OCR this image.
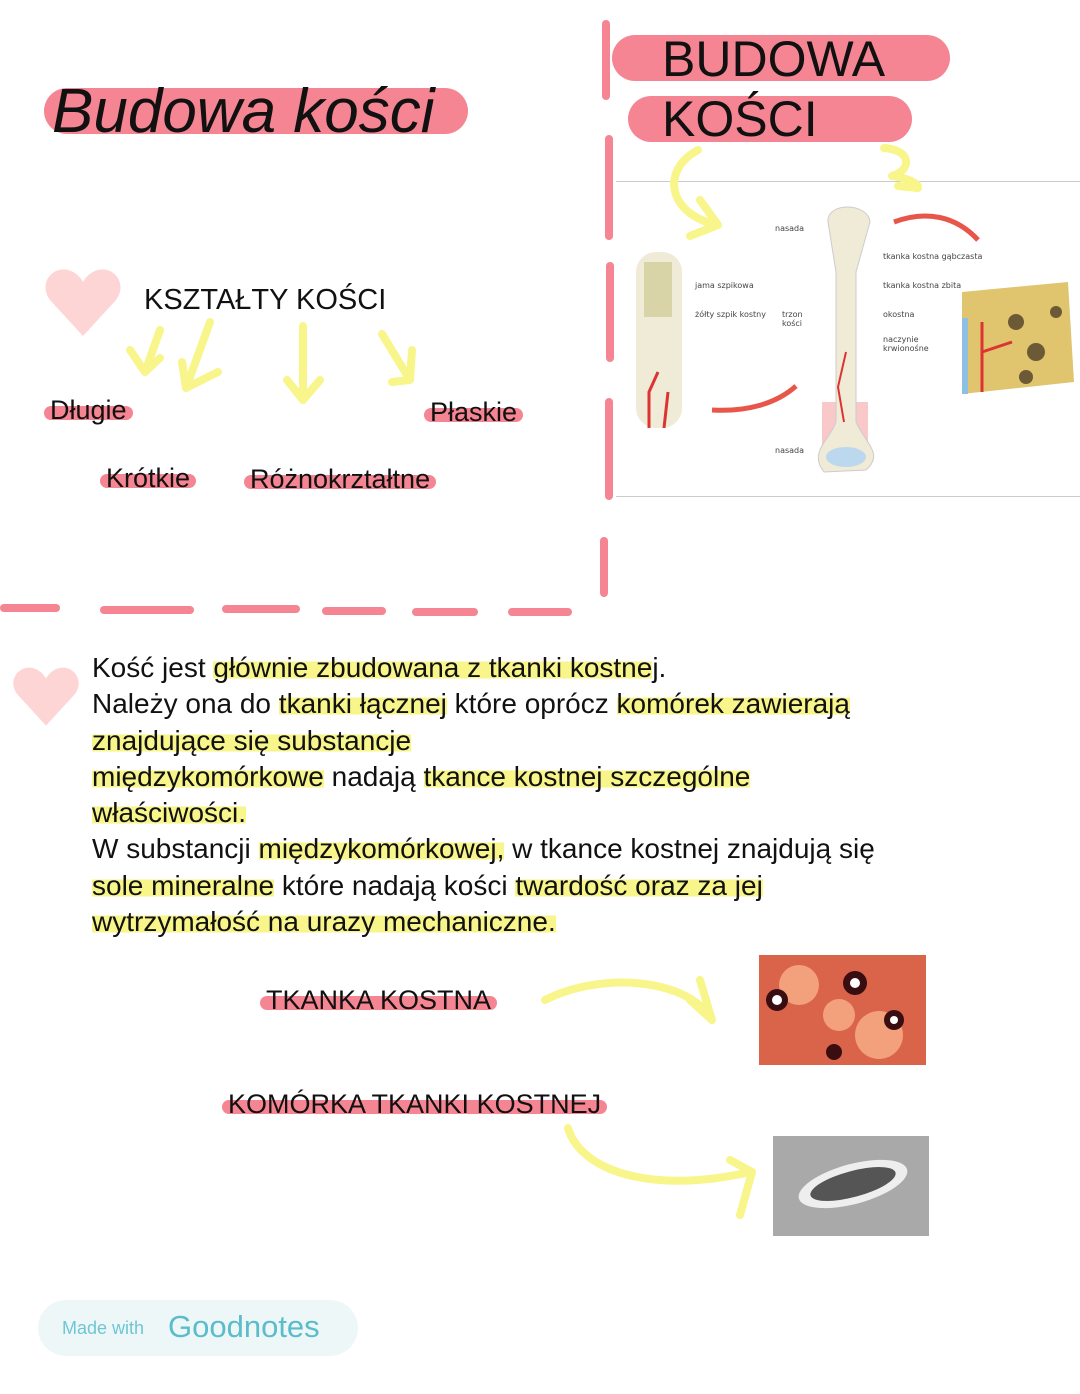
Budowa kości
BUDOWA
KOŚCI
KSZTAŁTY KOŚCI
Długie	Płaskie
Krótkie Różnokrztałtne
nasada
nasada
trzon kości
jama szpikowa
żółty szpik kostny
tkanka kostna gąbczasta
tkanka kostna zbita
okostna
naczynie krwionośne
Kość jest głównie zbudowana z tkanki kostnej.
Należy ona do tkanki łącznej które oprócz komórek zawierają
znajdujące się substancje
międzykomórkowe nadają tkance kostnej szczególne
właściwości.
W substancji międzykomórkowej, w tkance kostnej znajdują się
sole mineralne które nadają kości twardość oraz za jej
wytrzymałość na urazy mechaniczne.
TKANKA KOSTNA
KOMÓRKA TKANKI KOSTNEJ
Made with Goodnotes
